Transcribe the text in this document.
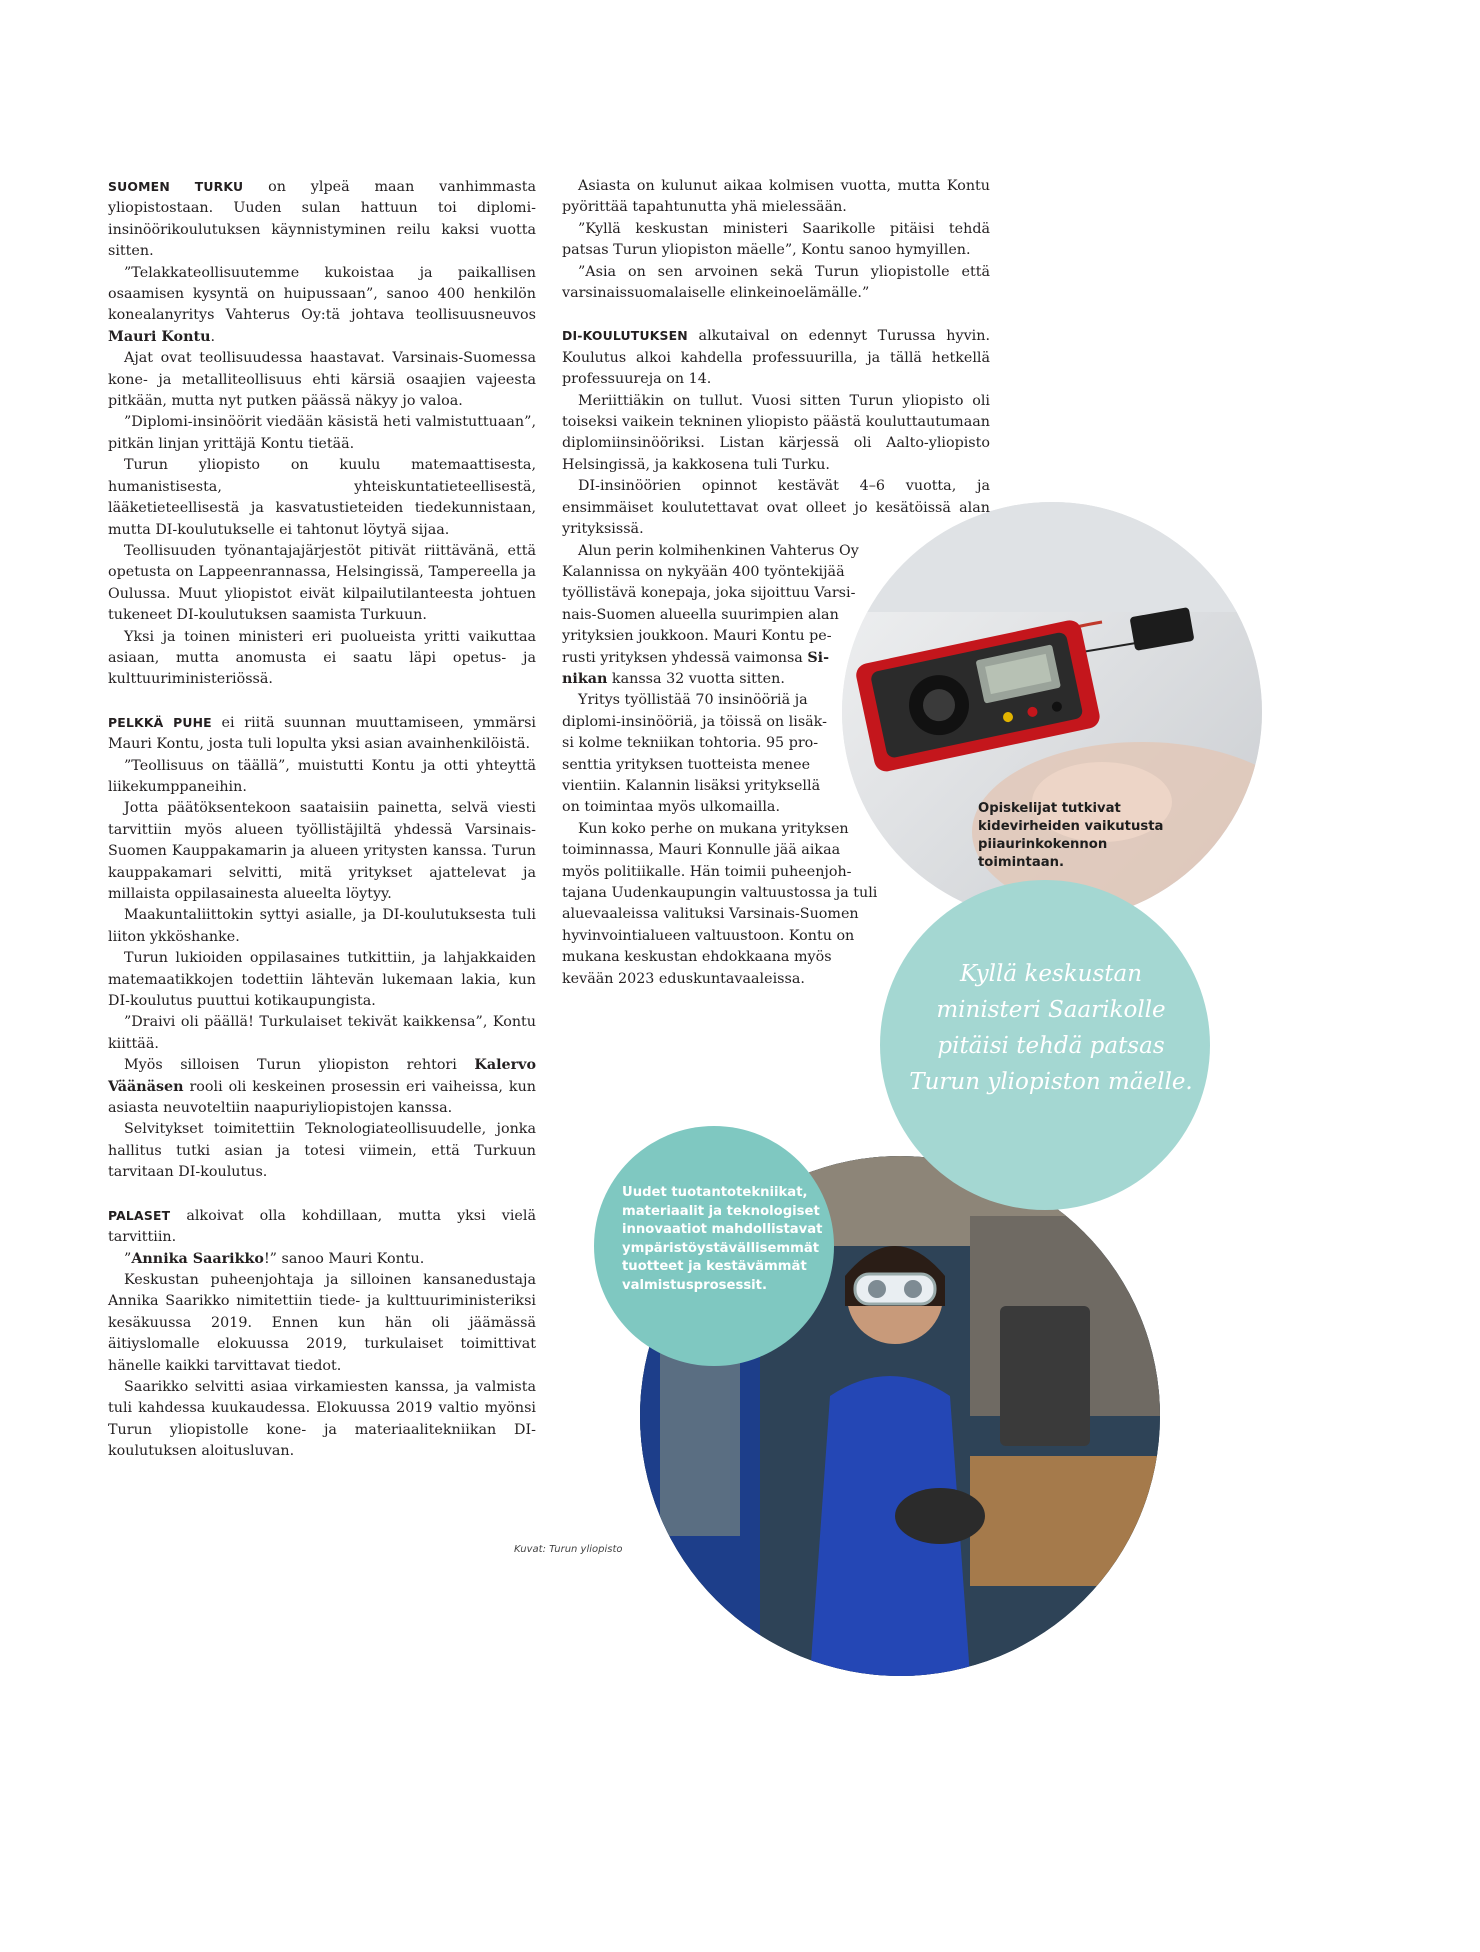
SUOMEN TURKU on ylpeä maan vanhimmasta yliopistostaan. Uuden sulan hattuun toi diplomi-insinöörikoulutuksen käynnistyminen reilu kaksi vuotta sitten.

”Telakkateollisuutemme kukoistaa ja paikallisen osaamisen kysyntä on huipussaan”, sanoo 400 henkilön konealanyritys Vahterus Oy:tä johtava teollisuusneuvos Mauri Kontu.

Ajat ovat teollisuudessa haastavat. Varsinais-Suomessa kone- ja metalliteollisuus ehti kärsiä osaajien vajeesta pitkään, mutta nyt putken päässä näkyy jo valoa.

”Diplomi-insinöörit viedään käsistä heti valmistuttuaan”, pitkän linjan yrittäjä Kontu tietää.

Turun yliopisto on kuulu matemaattisesta, humanistisesta, yhteiskuntatieteellisestä, lääketieteellisestä ja kasvatustieteiden tiedekunnistaan, mutta DI-koulutukselle ei tahtonut löytyä sijaa.

Teollisuuden työnantajajärjestöt pitivät riittävänä, että opetusta on Lappeenrannassa, Helsingissä, Tampereella ja Oulussa. Muut yliopistot eivät kilpailutilanteesta johtuen tukeneet DI-koulutuksen saamista Turkuun.

Yksi ja toinen ministeri eri puolueista yritti vaikuttaa asiaan, mutta anomusta ei saatu läpi opetus- ja kulttuuriministeriössä.

PELKKÄ PUHE ei riitä suunnan muuttamiseen, ymmärsi Mauri Kontu, josta tuli lopulta yksi asian avainhenkilöistä.

”Teollisuus on täällä”, muistutti Kontu ja otti yhteyttä liikekumppaneihin.

Jotta päätöksentekoon saataisiin painetta, selvä viesti tarvittiin myös alueen työllistäjiltä yhdessä Varsinais-Suomen Kauppakamarin ja alueen yritysten kanssa. Turun kauppakamari selvitti, mitä yritykset ajattelevat ja millaista oppilasainesta alueelta löytyy.

Maakuntaliittokin syttyi asialle, ja DI-koulutuksesta tuli liiton ykköshanke.

Turun lukioiden oppilasaines tutkittiin, ja lahjakkaiden matemaatikkojen todettiin lähtevän lukemaan lakia, kun DI-koulutus puuttui kotikaupungista.

”Draivi oli päällä! Turkulaiset tekivät kaikkensa”, Kontu kiittää.

Myös silloisen Turun yliopiston rehtori Kalervo Väänäsen rooli oli keskeinen prosessin eri vaiheissa, kun asiasta neuvoteltiin naapuriyliopistojen kanssa.

Selvitykset toimitettiin Teknologiateollisuudelle, jonka hallitus tutki asian ja totesi viimein, että Turkuun tarvitaan DI-koulutus.

PALASET alkoivat olla kohdillaan, mutta yksi vielä tarvittiin.

”Annika Saarikko!” sanoo Mauri Kontu.

Keskustan puheenjohtaja ja silloinen kansanedustaja Annika Saarikko nimitettiin tiede- ja kulttuuriministeriksi kesäkuussa 2019. Ennen kun hän oli jäämässä äitiyslomalle elokuussa 2019, turkulaiset toimittivat hänelle kaikki tarvittavat tiedot.

Saarikko selvitti asiaa virkamiesten kanssa, ja valmista tuli kahdessa kuukaudessa. Elokuussa 2019 valtio myönsi Turun yliopistolle kone- ja materiaalitekniikan DI-koulutuksen aloitusluvan.

Asiasta on kulunut aikaa kolmisen vuotta, mutta Kontu pyörittää tapahtunutta yhä mielessään.

”Kyllä keskustan ministeri Saarikolle pitäisi tehdä patsas Turun yliopiston mäelle”, Kontu sanoo hymyillen.

”Asia on sen arvoinen sekä Turun yliopistolle että varsinaissuomalaiselle elinkeinoelämälle.”

DI-KOULUTUKSEN alkutaival on edennyt Turussa hyvin. Koulutus alkoi kahdella professuurilla, ja tällä hetkellä professuureja on 14.

Meriittiäkin on tullut. Vuosi sitten Turun yliopisto oli toiseksi vaikein tekninen yliopisto päästä kouluttautumaan diplomiinsinööriksi. Listan kärjessä oli Aalto-yliopisto Helsingissä, ja kakkosena tuli Turku.

DI-insinöörien opinnot kestävät 4–6 vuotta, ja ensimmäiset koulutettavat ovat olleet jo kesätöissä alan yrityksissä.

Alun perin kolmihenkinen Vahterus Oy
Kalannissa on nykyään 400 työntekijää
työllistävä konepaja, joka sijoittuu Varsi-
nais-Suomen alueella suurimpien alan
yrityksien joukkoon. Mauri Kontu pe-
rusti yrityksen yhdessä vaimonsa Si-
nikan kanssa 32 vuotta sitten.
Yritys työllistää 70 insinööriä ja
diplomi-insinööriä, ja töissä on lisäk-
si kolme tekniikan tohtoria. 95 pro-
senttia yrityksen tuotteista menee
vientiin. Kalannin lisäksi yrityksellä
on toimintaa myös ulkomailla.
Kun koko perhe on mukana yrityksen
toiminnassa, Mauri Konnulle jää aikaa
myös politiikalle. Hän toimii puheenjoh-
tajana Uudenkaupungin valtuustossa ja tuli
aluevaaleissa valituksi Varsinais-Suomen
hyvinvointialueen valtuustoon. Kontu on
mukana keskustan ehdokkaana myös
kevään 2023 eduskuntavaaleissa.
Opiskelijat tutkivat kidevirheiden vaikutusta piiaurinkokennon toimintaan.
Kyllä keskustan ministeri Saarikolle pitäisi tehdä patsas Turun yliopiston mäelle.
Uudet tuotantotekniikat, materiaalit ja teknologiset innovaatiot mahdollistavat ympäristöystävällisemmät tuotteet ja kestävämmät valmistusprosessit.
Kuvat: Turun yliopisto
